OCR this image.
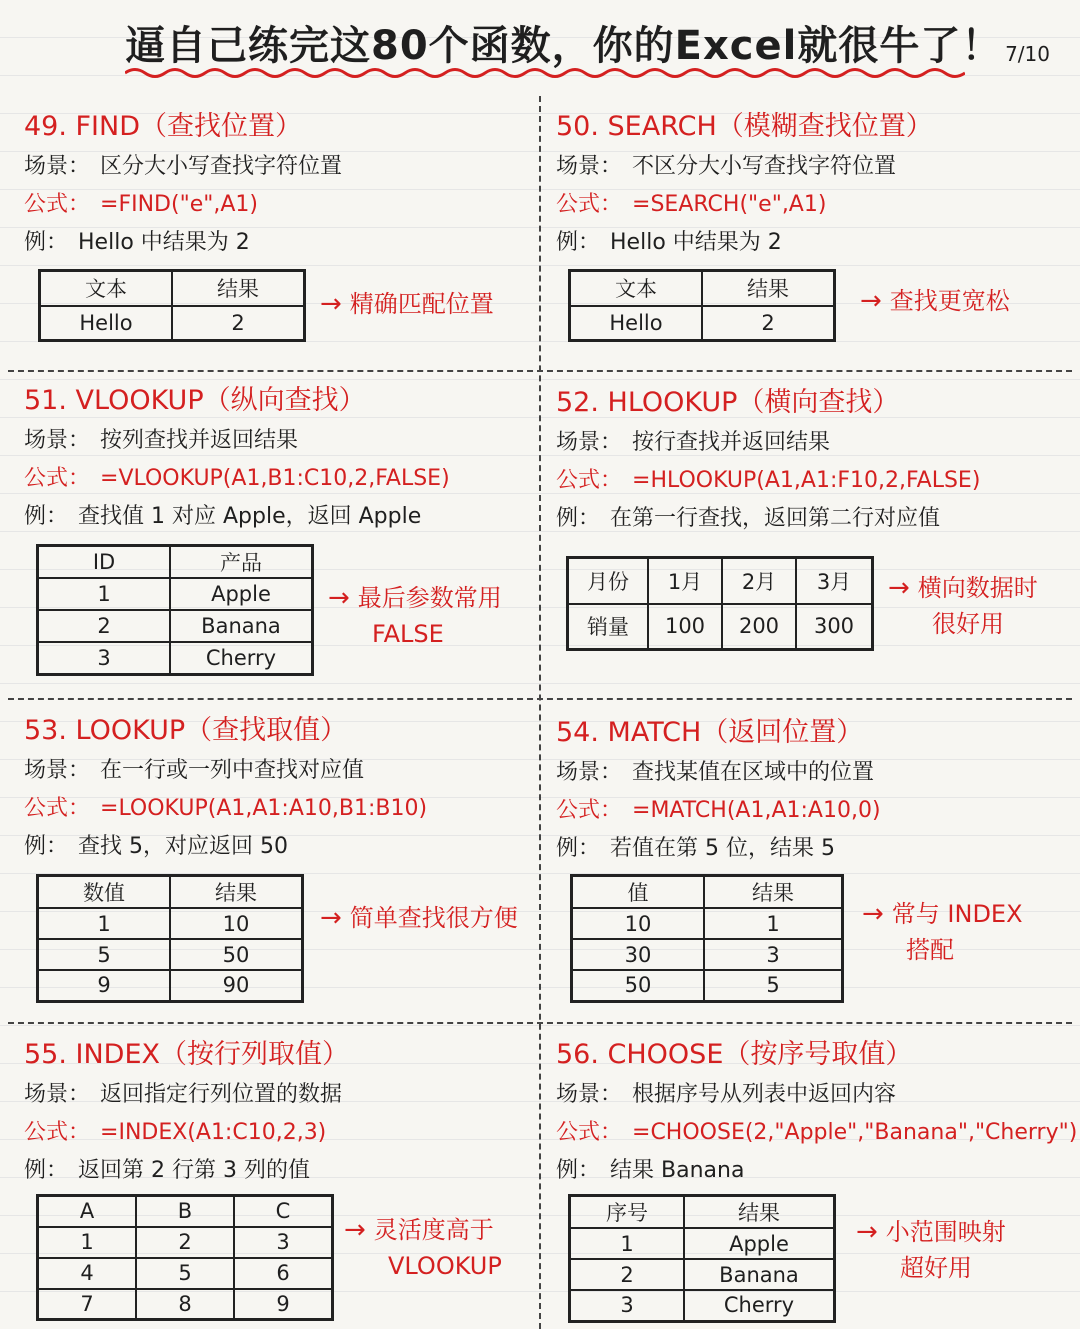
逼自己练完这80个函数，你的Excel就很牛了！ 7/10
49. FIND（查找位置）
场景： 区分大小写查找字符位置
公式： =FIND("e",A1)
例： Hello 中结果为 2
文本	结果
Hello	2
→ 精确匹配位置
50. SEARCH（模糊查找位置）
场景： 不区分大小写查找字符位置
公式： =SEARCH("e",A1)
例： Hello 中结果为 2
文本	结果
Hello	2
→ 查找更宽松
51. VLOOKUP（纵向查找）
场景： 按列查找并返回结果
公式： =VLOOKUP(A1,B1:C10,2,FALSE)
例： 查找值 1 对应 Apple，返回 Apple
ID	产品
1	Apple
2	Banana
3	Cherry
→ 最后参数常用
FALSE
52. HLOOKUP（横向查找）
场景： 按行查找并返回结果
公式： =HLOOKUP(A1,A1:F10,2,FALSE)
例： 在第一行查找，返回第二行对应值
月份	1月	2月	3月
销量	100	200	300
→ 横向数据时
很好用
53. LOOKUP（查找取值）
场景： 在一行或一列中查找对应值
公式： =LOOKUP(A1,A1:A10,B1:B10)
例： 查找 5，对应返回 50
数值	结果
1	10
5	50
9	90
→ 简单查找很方便
54. MATCH（返回位置）
场景： 查找某值在区域中的位置
公式： =MATCH(A1,A1:A10,0)
例： 若值在第 5 位，结果 5
值	结果
10	1
30	3
50	5
→ 常与 INDEX
搭配
55. INDEX（按行列取值）
场景： 返回指定行列位置的数据
公式： =INDEX(A1:C10,2,3)
例： 返回第 2 行第 3 列的值
A	B	C
1	2	3
4	5	6
7	8	9
→ 灵活度高于
VLOOKUP
56. CHOOSE（按序号取值）
场景： 根据序号从列表中返回内容
公式： =CHOOSE(2,"Apple","Banana","Cherry")
例： 结果 Banana
序号	结果
1	Apple
2	Banana
3	Cherry
→ 小范围映射
超好用
